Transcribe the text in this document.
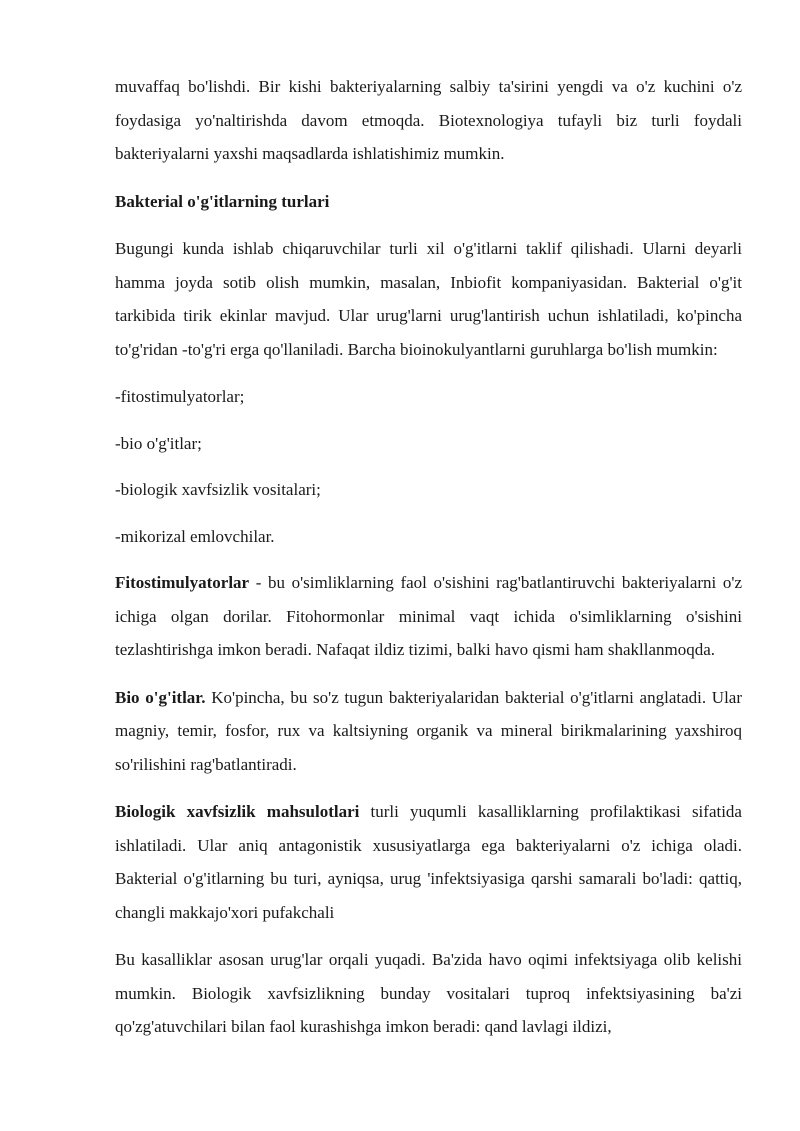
muvaffaq bo'lishdi. Bir kishi bakteriyalarning salbiy ta'sirini yengdi va o'z kuchini o'z foydasiga yo'naltirishda davom etmoqda. Biotexnologiya tufayli biz turli foydali bakteriyalarni yaxshi maqsadlarda ishlatishimiz mumkin.

Bakterial o'g'itlarning turlari

Bugungi kunda ishlab chiqaruvchilar turli xil o'g'itlarni taklif qilishadi. Ularni deyarli hamma joyda sotib olish mumkin, masalan, Inbiofit kompaniyasidan. Bakterial o'g'it tarkibida tirik ekinlar mavjud. Ular urug'larni urug'lantirish uchun ishlatiladi, ko'pincha to'g'ridan -to'g'ri erga qo'llaniladi. Barcha bioinokulyantlarni guruhlarga bo'lish mumkin:

-fitostimulyatorlar;

-bio o'g'itlar;

-biologik xavfsizlik vositalari;

-mikorizal emlovchilar.

Fitostimulyatorlar - bu o'simliklarning faol o'sishini rag'batlantiruvchi bakteriyalarni o'z ichiga olgan dorilar. Fitohormonlar minimal vaqt ichida o'simliklarning o'sishini tezlashtirishga imkon beradi. Nafaqat ildiz tizimi, balki havo qismi ham shakllanmoqda.

Bio o'g'itlar. Ko'pincha, bu so'z tugun bakteriyalaridan bakterial o'g'itlarni anglatadi. Ular magniy, temir, fosfor, rux va kaltsiyning organik va mineral birikmalarining yaxshiroq so'rilishini rag'batlantiradi.

Biologik xavfsizlik mahsulotlari turli yuqumli kasalliklarning profilaktikasi sifatida ishlatiladi. Ular aniq antagonistik xususiyatlarga ega bakteriyalarni o'z ichiga oladi. Bakterial o'g'itlarning bu turi, ayniqsa, urug 'infektsiyasiga qarshi samarali bo'ladi: qattiq, changli makkajo'xori pufakchali

Bu kasalliklar asosan urug'lar orqali yuqadi. Ba'zida havo oqimi infektsiyaga olib kelishi mumkin. Biologik xavfsizlikning bunday vositalari tuproq infektsiyasining ba'zi qo'zg'atuvchilari bilan faol kurashishga imkon beradi: qand lavlagi ildizi,
